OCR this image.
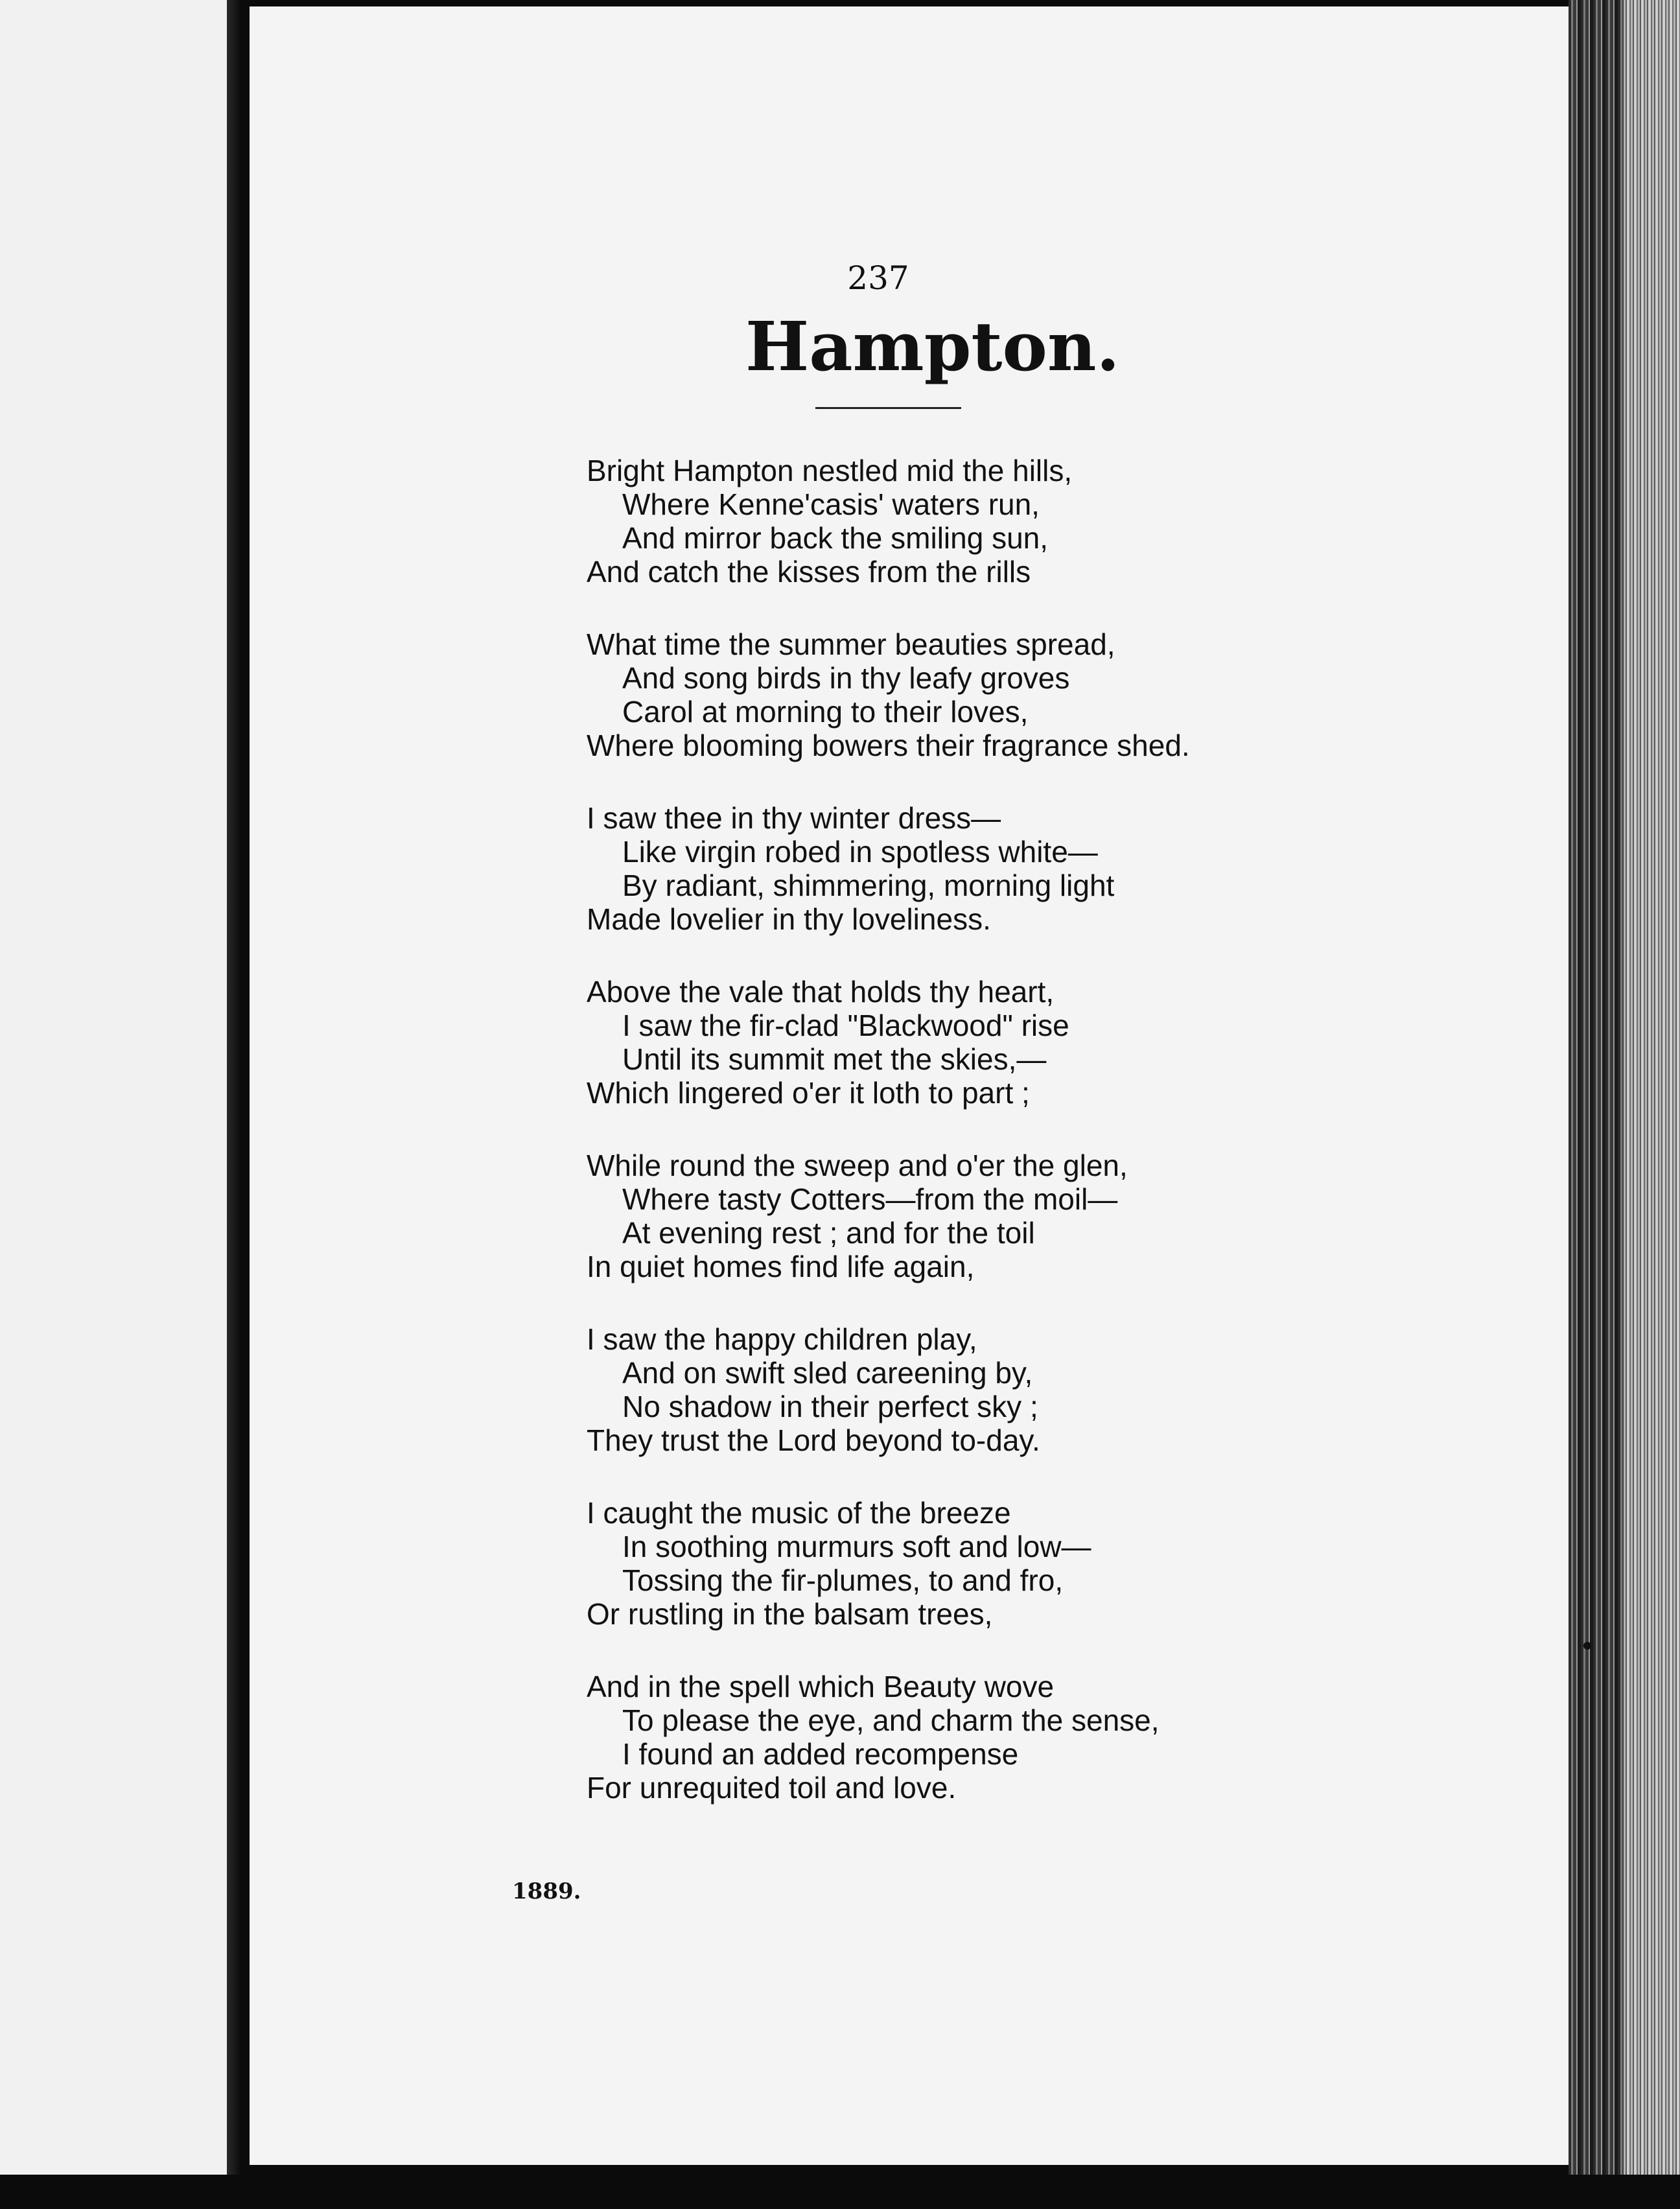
237

Hampton.
Bright Hampton nestled mid the hills,
Where Kenne'casis' waters run,
And mirror back the smiling sun,
And catch the kisses from the rills
What time the summer beauties spread,
And song birds in thy leafy groves
Carol at morning to their loves,
Where blooming bowers their fragrance shed.
I saw thee in thy winter dress—
Like virgin robed in spotless white—
By radiant, shimmering, morning light
Made lovelier in thy loveliness.
Above the vale that holds thy heart,
I saw the fir-clad "Blackwood" rise
Until its summit met the skies,—
Which lingered o'er it loth to part ;
While round the sweep and o'er the glen,
Where tasty Cotters—from the moil—
At evening rest ; and for the toil
In quiet homes find life again,
I saw the happy children play,
And on swift sled careening by,
No shadow in their perfect sky ;
They trust the Lord beyond to-day.
I caught the music of the breeze
In soothing murmurs soft and low—
Tossing the fir-plumes, to and fro,
Or rustling in the balsam trees,
And in the spell which Beauty wove
To please the eye, and charm the sense,
I found an added recompense
For unrequited toil and love.

1889.
